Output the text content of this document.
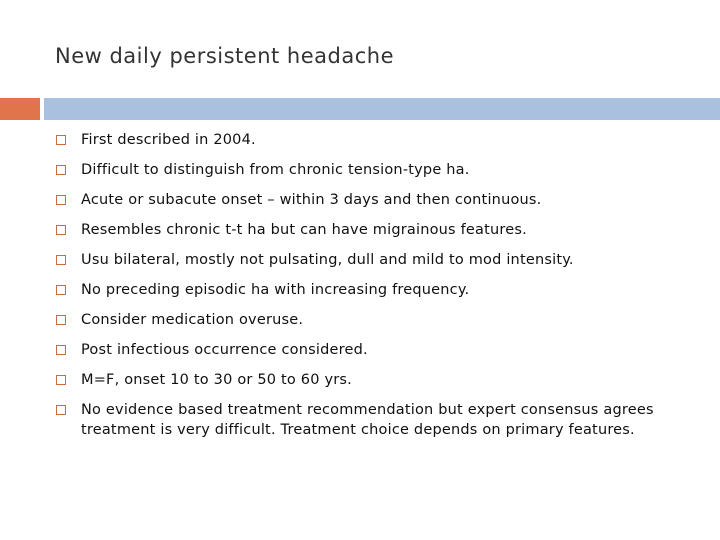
New daily persistent headache
First described in 2004.
Difficult to distinguish from chronic tension-type ha.
Acute or subacute onset – within 3 days and then continuous.
Resembles chronic t-t ha but can have migrainous features.
Usu bilateral, mostly not pulsating, dull and mild to mod intensity.
No preceding episodic ha with increasing frequency.
Consider medication overuse.
Post infectious occurrence considered.
M=F, onset 10 to 30 or 50 to 60 yrs.
No evidence based treatment recommendation but expert consensus agrees treatment is very difficult. Treatment choice depends on primary features.
